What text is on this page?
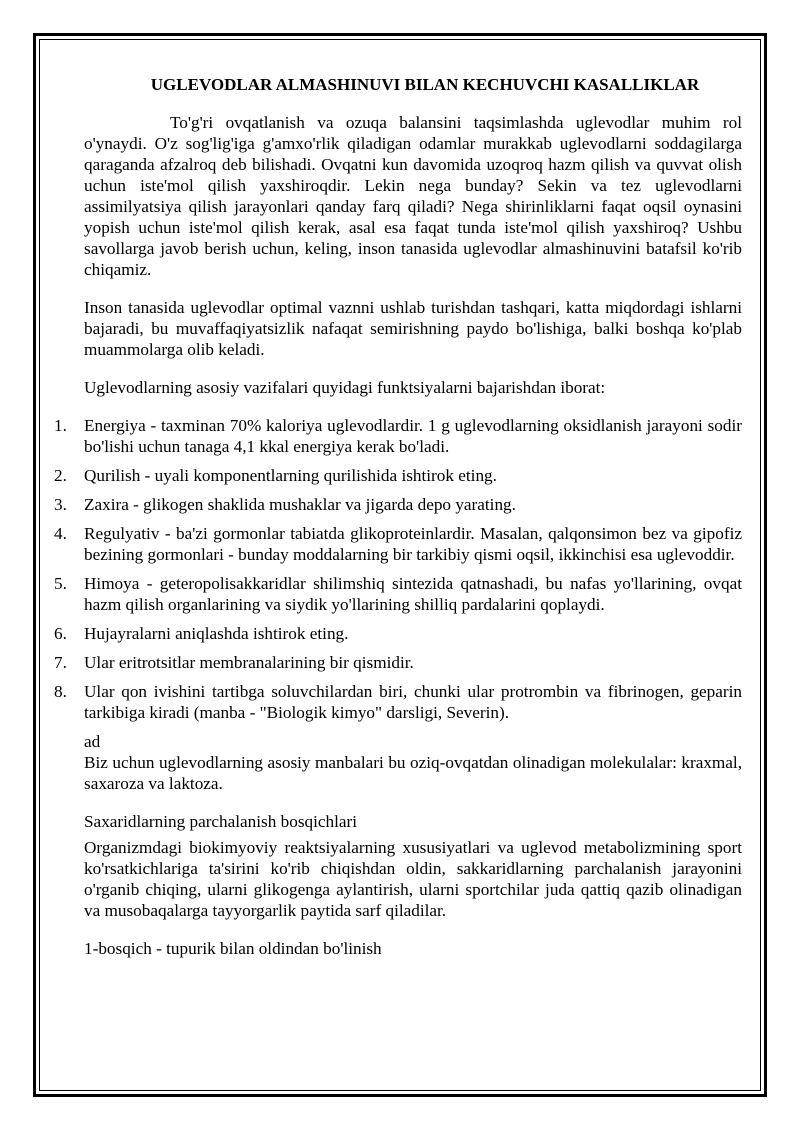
UGLEVODLAR ALMASHINUVI BILAN KECHUVCHI KASALLIKLAR

To'g'ri ovqatlanish va ozuqa balansini taqsimlashda uglevodlar muhim rol o'ynaydi. O'z sog'lig'iga g'amxo'rlik qiladigan odamlar murakkab uglevodlarni soddagilarga qaraganda afzalroq deb bilishadi. Ovqatni kun davomida uzoqroq hazm qilish va quvvat olish uchun iste'mol qilish yaxshiroqdir. Lekin nega bunday? Sekin va tez uglevodlarni assimilyatsiya qilish jarayonlari qanday farq qiladi? Nega shirinliklarni faqat oqsil oynasini yopish uchun iste'mol qilish kerak, asal esa faqat tunda iste'mol qilish yaxshiroq? Ushbu savollarga javob berish uchun, keling, inson tanasida uglevodlar almashinuvini batafsil ko'rib chiqamiz.

Inson tanasida uglevodlar optimal vaznni ushlab turishdan tashqari, katta miqdordagi ishlarni bajaradi, bu muvaffaqiyatsizlik nafaqat semirishning paydo bo'lishiga, balki boshqa ko'plab muammolarga olib keladi.

Uglevodlarning asosiy vazifalari quyidagi funktsiyalarni bajarishdan iborat:

1. Energiya - taxminan 70% kaloriya uglevodlardir. 1 g uglevodlarning oksidlanish jarayoni sodir bo'lishi uchun tanaga 4,1 kkal energiya kerak bo'ladi.
2. Qurilish - uyali komponentlarning qurilishida ishtirok eting.
3. Zaxira - glikogen shaklida mushaklar va jigarda depo yarating.
4. Regulyativ - ba'zi gormonlar tabiatda glikoproteinlardir. Masalan, qalqonsimon bez va gipofiz bezining gormonlari - bunday moddalarning bir tarkibiy qismi oqsil, ikkinchisi esa uglevoddir.
5. Himoya - geteropolisakkaridlar shilimshiq sintezida qatnashadi, bu nafas yo'llarining, ovqat hazm qilish organlarining va siydik yo'llarining shilliq pardalarini qoplaydi.
6. Hujayralarni aniqlashda ishtirok eting.
7. Ular eritrotsitlar membranalarining bir qismidir.
8. Ular qon ivishini tartibga soluvchilardan biri, chunki ular protrombin va fibrinogen, geparin tarkibiga kiradi (manba - "Biologik kimyo" darsligi, Severin).

ad

Biz uchun uglevodlarning asosiy manbalari bu oziq-ovqatdan olinadigan molekulalar: kraxmal, saxaroza va laktoza.

Saxaridlarning parchalanish bosqichlari

Organizmdagi biokimyoviy reaktsiyalarning xususiyatlari va uglevod metabolizmining sport ko'rsatkichlariga ta'sirini ko'rib chiqishdan oldin, sakkaridlarning parchalanish jarayonini o'rganib chiqing, ularni glikogenga aylantirish, ularni sportchilar juda qattiq qazib olinadigan va musobaqalarga tayyorgarlik paytida sarf qiladilar.

1-bosqich - tupurik bilan oldindan bo'linish
